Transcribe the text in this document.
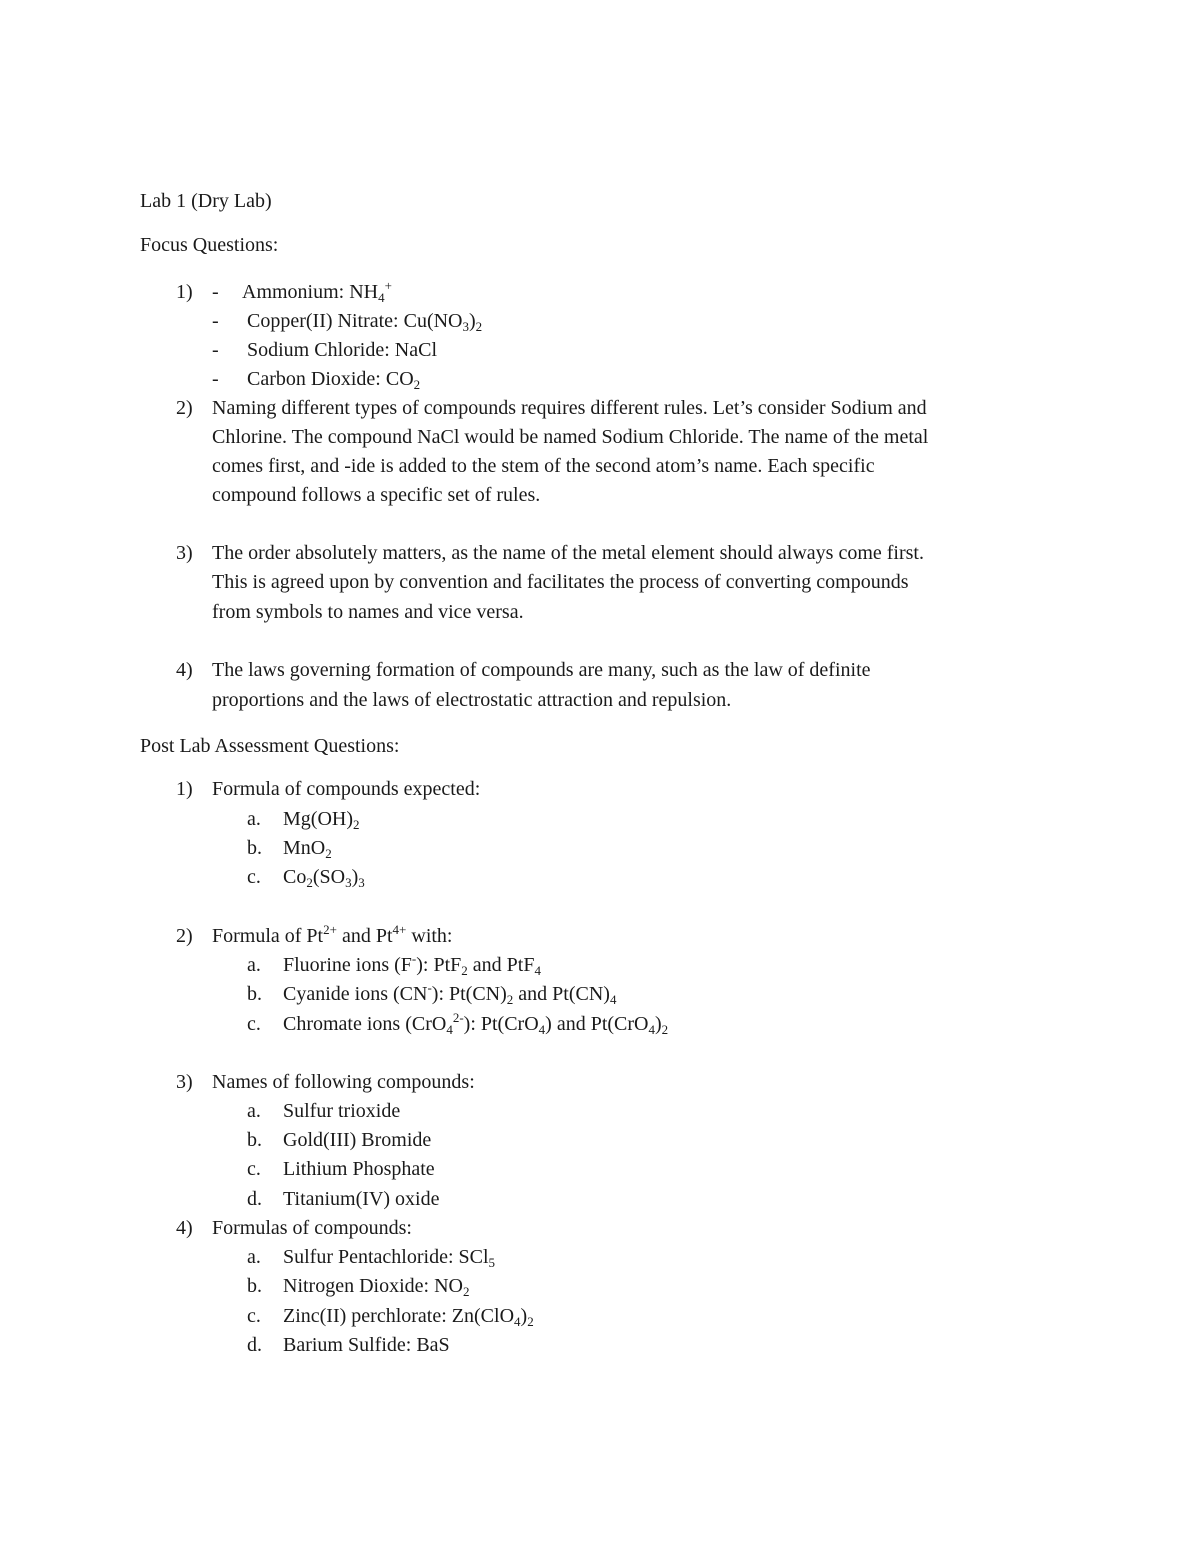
Lab 1 (Dry Lab)
Focus Questions:
1) - Ammonium: $NH_4^+$
- Copper(II) Nitrate: $Cu(NO_3)_2$
- Sodium Chloride: NaCl
- Carbon Dioxide: $CO_2$
2) Naming different types of compounds requires different rules. Let’s consider Sodium and
Chlorine. The compound NaCl would be named Sodium Chloride. The name of the metal
comes first, and -ide is added to the stem of the second atom’s name. Each specific
compound follows a specific set of rules.
3) The order absolutely matters, as the name of the metal element should always come first.
This is agreed upon by convention and facilitates the process of converting compounds
from symbols to names and vice versa.
4) The laws governing formation of compounds are many, such as the law of definite
proportions and the laws of electrostatic attraction and repulsion.
Post Lab Assessment Questions:
1) Formula of compounds expected:
a. $Mg(OH)_2$
b. MnO$_2$
c. $Co_2(SO_3)_3$
2) Formula of $Pt^{2+}$ and $Pt^{4+}$ with:
a. Fluorine ions (F-): PtF$_2$ and PtF$_4$
b. Cyanide ions (CN-): $Pt(CN)_2$ and $Pt(CN)_4$
c. Chromate ions (CrO$_4^{2-}$): Pt(CrO$_4$) and $Pt(CrO_4)_2$
3) Names of following compounds:
a. Sulfur trioxide
b. Gold(III) Bromide
c. Lithium Phosphate
d. Titanium(IV) oxide
4) Formulas of compounds:
a. Sulfur Pentachloride: SCl$_5$
b. Nitrogen Dioxide: $NO_2$
c. Zinc(II) perchlorate: $Zn(ClO_4)_2$
d. Barium Sulfide: BaS
